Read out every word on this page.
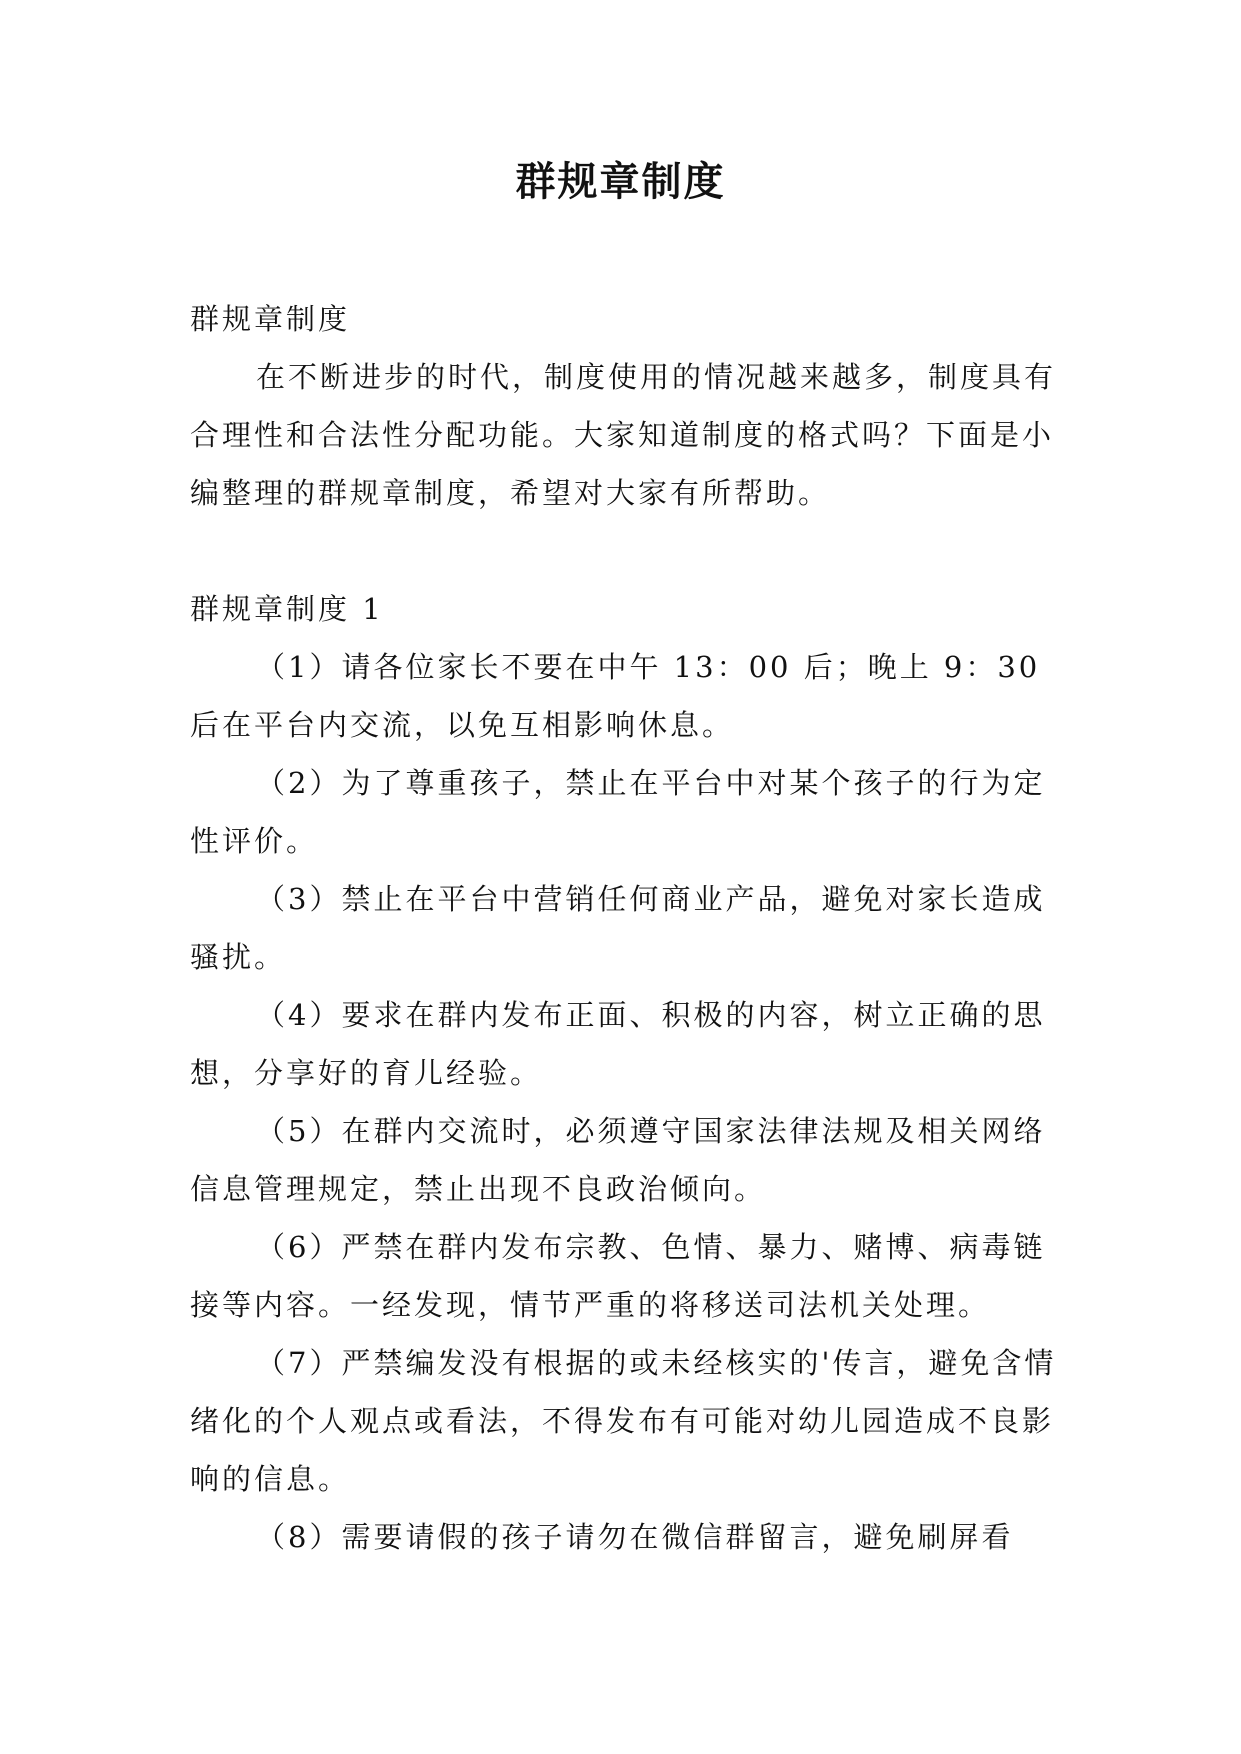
群规章制度

群规章制度

在不断进步的时代，制度使用的情况越来越多，制度具有合理性和合法性分配功能。大家知道制度的格式吗？下面是小编整理的群规章制度，希望对大家有所帮助。

群规章制度 1

（1）请各位家长不要在中午 13：00 后；晚上 9：30 后在平台内交流，以免互相影响休息。

（2）为了尊重孩子，禁止在平台中对某个孩子的行为定性评价。

（3）禁止在平台中营销任何商业产品，避免对家长造成骚扰。

（4）要求在群内发布正面、积极的内容，树立正确的思想，分享好的育儿经验。

（5）在群内交流时，必须遵守国家法律法规及相关网络信息管理规定，禁止出现不良政治倾向。

（6）严禁在群内发布宗教、色情、暴力、赌博、病毒链接等内容。一经发现，情节严重的将移送司法机关处理。

（7）严禁编发没有根据的或未经核实的'传言，避免含情绪化的个人观点或看法，不得发布有可能对幼儿园造成不良影响的信息。

（8）需要请假的孩子请勿在微信群留言，避免刷屏看
